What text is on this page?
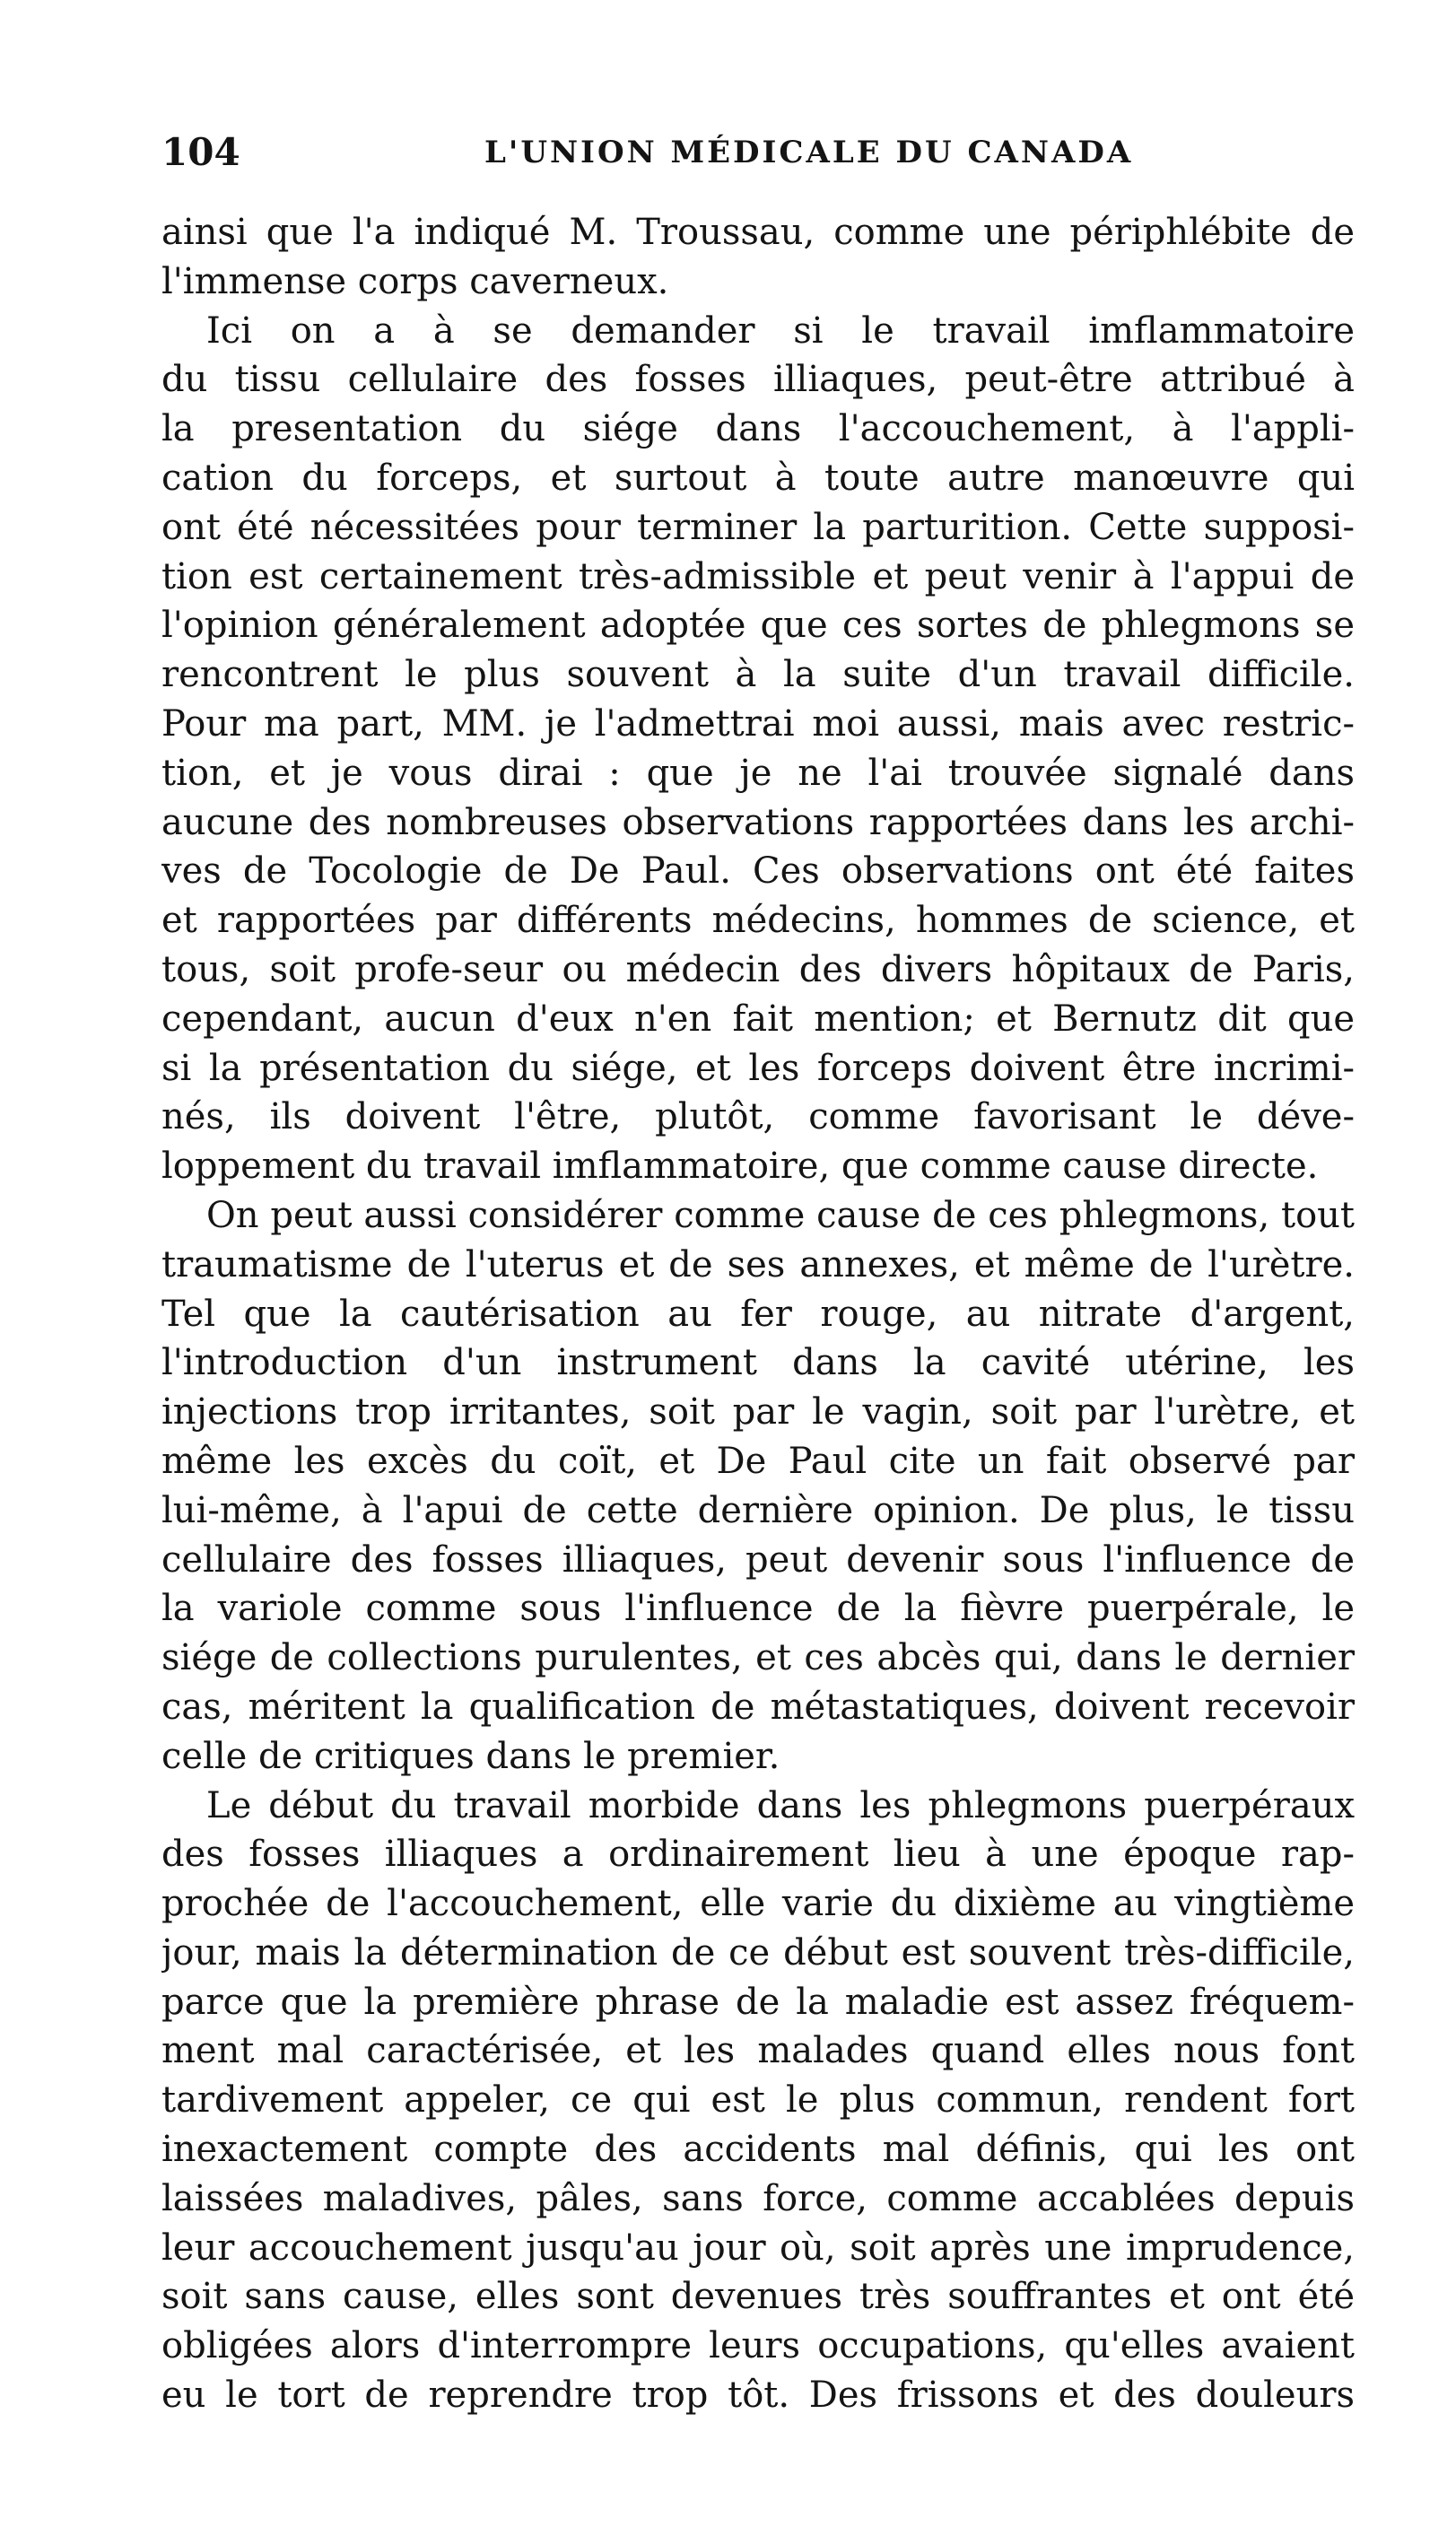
104	L'UNION MÉDICALE DU CANADA
ainsi que l'a indiqué M. Troussau, comme une périphlébite de
l'immense corps caverneux.
Ici on a à se demander si le travail imflammatoire
du tissu cellulaire des fosses illiaques, peut-être attribué à
la presentation du siége dans l'accouchement, à l'appli-
cation du forceps, et surtout à toute autre manœuvre qui
ont été nécessitées pour terminer la parturition. Cette supposi-
tion est certainement très-admissible et peut venir à l'appui de
l'opinion généralement adoptée que ces sortes de phlegmons se
rencontrent le plus souvent à la suite d'un travail difficile.
Pour ma part, MM. je l'admettrai moi aussi, mais avec restric-
tion, et je vous dirai : que je ne l'ai trouvée signalé dans
aucune des nombreuses observations rapportées dans les archi-
ves de Tocologie de De Paul. Ces observations ont été faites
et rapportées par différents médecins, hommes de science, et
tous, soit profe-seur ou médecin des divers hôpitaux de Paris,
cependant, aucun d'eux n'en fait mention; et Bernutz dit que
si la présentation du siége, et les forceps doivent être incrimi-
nés, ils doivent l'être, plutôt, comme favorisant le déve-
loppement du travail imflammatoire, que comme cause directe.
On peut aussi considérer comme cause de ces phlegmons, tout
traumatisme de l'uterus et de ses annexes, et même de l'urètre.
Tel que la cautérisation au fer rouge, au nitrate d'argent,
l'introduction d'un instrument dans la cavité utérine, les
injections trop irritantes, soit par le vagin, soit par l'urètre, et
même les excès du coït, et De Paul cite un fait observé par
lui-même, à l'apui de cette dernière opinion. De plus, le tissu
cellulaire des fosses illiaques, peut devenir sous l'influence de
la variole comme sous l'influence de la fièvre puerpérale, le
siége de collections purulentes, et ces abcès qui, dans le dernier
cas, méritent la qualification de métastatiques, doivent recevoir
celle de critiques dans le premier.
Le début du travail morbide dans les phlegmons puerpéraux
des fosses illiaques a ordinairement lieu à une époque rap-
prochée de l'accouchement, elle varie du dixième au vingtième
jour, mais la détermination de ce début est souvent très-difficile,
parce que la première phrase de la maladie est assez fréquem-
ment mal caractérisée, et les malades quand elles nous font
tardivement appeler, ce qui est le plus commun, rendent fort
inexactement compte des accidents mal définis, qui les ont
laissées maladives, pâles, sans force, comme accablées depuis
leur accouchement jusqu'au jour où, soit après une imprudence,
soit sans cause, elles sont devenues très souffrantes et ont été
obligées alors d'interrompre leurs occupations, qu'elles avaient
eu le tort de reprendre trop tôt. Des frissons et des douleurs
